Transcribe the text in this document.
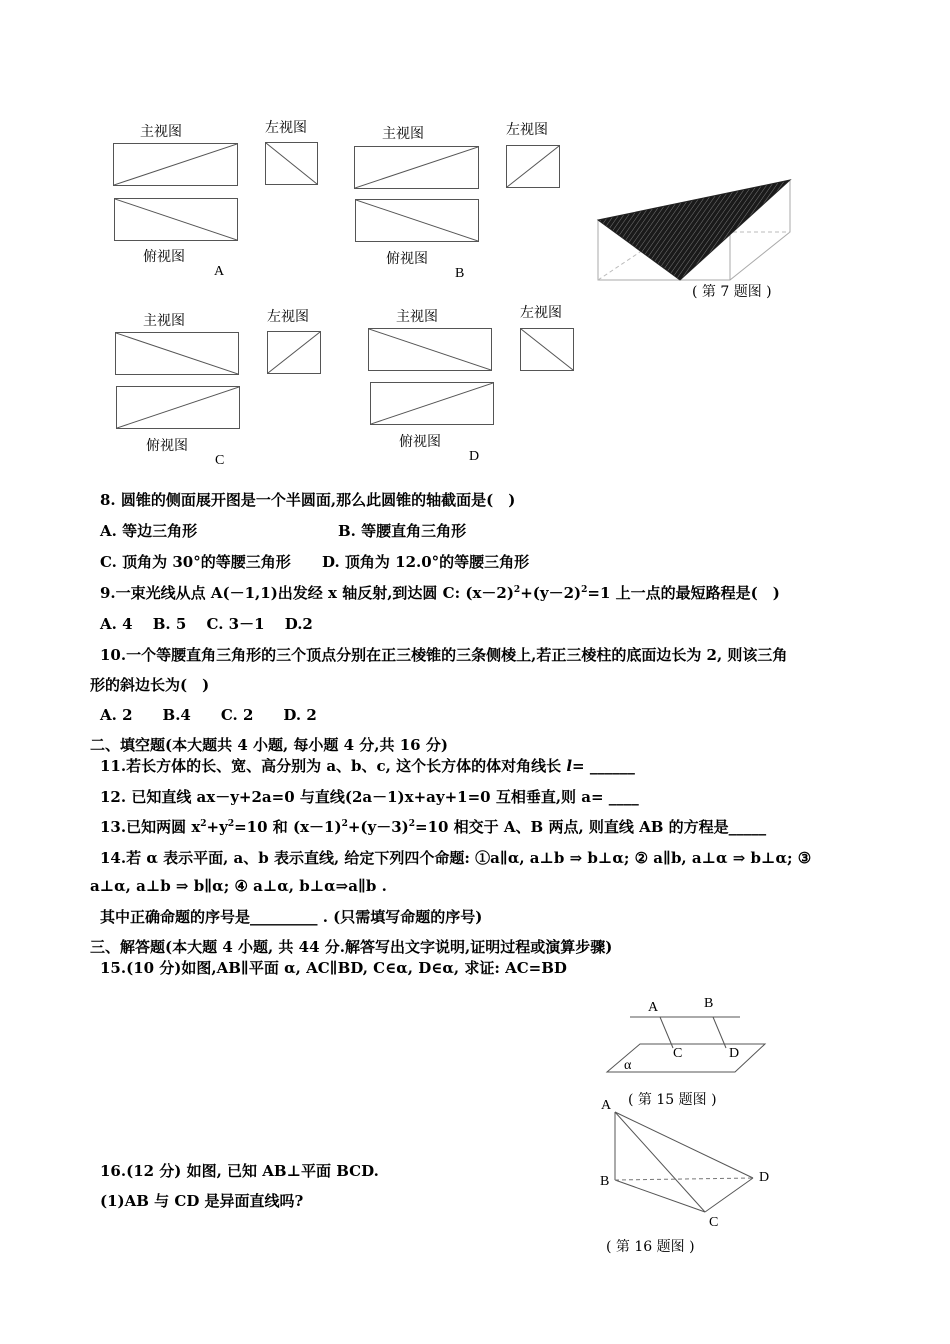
主视图	左视图
俯视图
A
主视图	左视图
俯视图
B
( 第 7 题图 )
主视图	左视图
俯视图
C
主视图	左视图
俯视图
D
8. 圆锥的侧面展开图是一个半圆面,那么此圆锥的轴截面是(　)
A. 等边三角形	B. 等腰直角三角形
C. 顶角为 30°的等腰三角形 D. 顶角为 12.0°的等腰三角形
9.一束光线从点 A(－1,1)出发经 x 轴反射,到达圆 C: $(x-2)^2+(y-2)^2=1$ 上一点的最短路程是(　)
A. 4　 B. 5　 C. 3－1　 D.2
10.一个等腰直角三角形的三个顶点分别在正三棱锥的三条侧棱上,若正三棱柱的底面边长为 2, 则该三角
形的斜边长为(　)
A. 2　　B.4　　C. 2　　D. 2
二、填空题(本大题共 4 小题, 每小题 4 分,共 16 分)
11.若长方体的长、宽、高分别为 a、b、c, 这个长方体的体对角线长 l= ______
12. 已知直线 ax－y+2a=0 与直线(2a－1)x+ay+1=0 互相垂直,则 a= ____
13.已知两圆 $x^2+y^2=10$ 和 $(x-1)^2+(y-3)^2=10$ 相交于 A、B 两点, 则直线 AB 的方程是_____
14.若 α 表示平面, a、b 表示直线, 给定下列四个命题: ①a∥α, a⊥b ⇒ b⊥α; ② a∥b, a⊥α ⇒ b⊥α; ③
a⊥α, a⊥b ⇒ b∥α; ④ a⊥α, b⊥α⇒a∥b .
其中正确命题的序号是_________ . (只需填写命题的序号)
三、解答题(本大题 4 小题, 共 44 分.解答写出文字说明,证明过程或演算步骤)
15.(10 分)如图,AB∥平面 α, AC∥BD, C∈α, D∈α, 求证: AC=BD
A	B
C	D
α
( 第 15 题图 )
16.(12 分) 如图, 已知 AB⊥平面 BCD.
(1)AB 与 CD 是异面直线吗?
A
B	D
C
( 第 16 题图 )
